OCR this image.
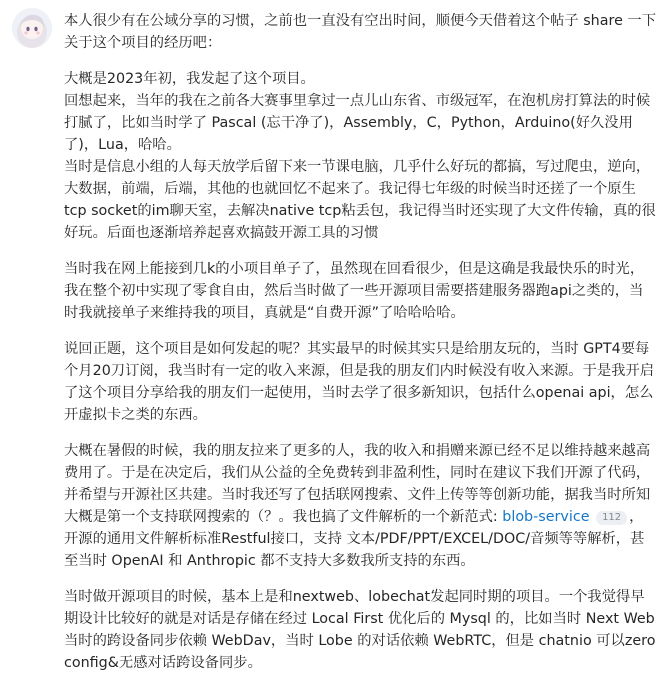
本人很少有在公域分享的习惯，之前也一直没有空出时间，顺便今天借着这个帖子 share 一下关于这个项目的经历吧：

大概是2023年初，我发起了这个项目。

回想起来，当年的我在之前各大赛事里拿过一点儿山东省、市级冠军，在泡机房打算法的时候打腻了，比如当时学了 Pascal (忘干净了)，Assembly，C，Python，Arduino(好久没用了)，Lua，哈哈。

当时是信息小组的人每天放学后留下来一节课电脑，几乎什么好玩的都搞，写过爬虫，逆向，大数据，前端，后端，其他的也就回忆不起来了。我记得七年级的时候当时还搓了一个原生tcp socket的im聊天室，去解决native tcp粘丢包，我记得当时还实现了大文件传输，真的很好玩。后面也逐渐培养起喜欢搞鼓开源工具的习惯

当时我在网上能接到几k的小项目单子了，虽然现在回看很少，但是这确是我最快乐的时光，我在整个初中实现了零食自由，然后当时做了一些开源项目需要搭建服务器跑api之类的，当时我就接单子来维持我的项目，真就是“自费开源”了哈哈哈哈。

说回正题，这个项目是如何发起的呢？其实最早的时候其实只是给朋友玩的，当时 GPT4要每个月20刀订阅，我当时有一定的收入来源，但是我的朋友们内时候没有收入来源。于是我开启了这个项目分享给我的朋友们一起使用，当时去学了很多新知识，包括什么openai api，怎么开虚拟卡之类的东西。

大概在暑假的时候，我的朋友拉来了更多的人，我的收入和捐赠来源已经不足以维持越来越高费用了。于是在决定后，我们从公益的全免费转到非盈利性，同时在建议下我们开源了代码，并希望与开源社区共建。当时我还写了包括联网搜索、文件上传等等创新功能，据我当时所知大概是第一个支持联网搜索的（？。我也搞了文件解析的一个新范式: blob-service 112 ，开源的通用文件解析标准Restful接口，支持 文本/PDF/PPT/EXCEL/DOC/音频等等解析，甚至当时 OpenAI 和 Anthropic 都不支持大多数我所支持的东西。

当时做开源项目的时候，基本上是和nextweb、lobechat发起同时期的项目。一个我觉得早期设计比较好的就是对话是存储在经过 Local First 优化后的 Mysql 的，比如当时 Next Web 当时的跨设备同步依赖 WebDav，当时 Lobe 的对话依赖 WebRTC，但是 chatnio 可以zero config&无感对话跨设备同步。
